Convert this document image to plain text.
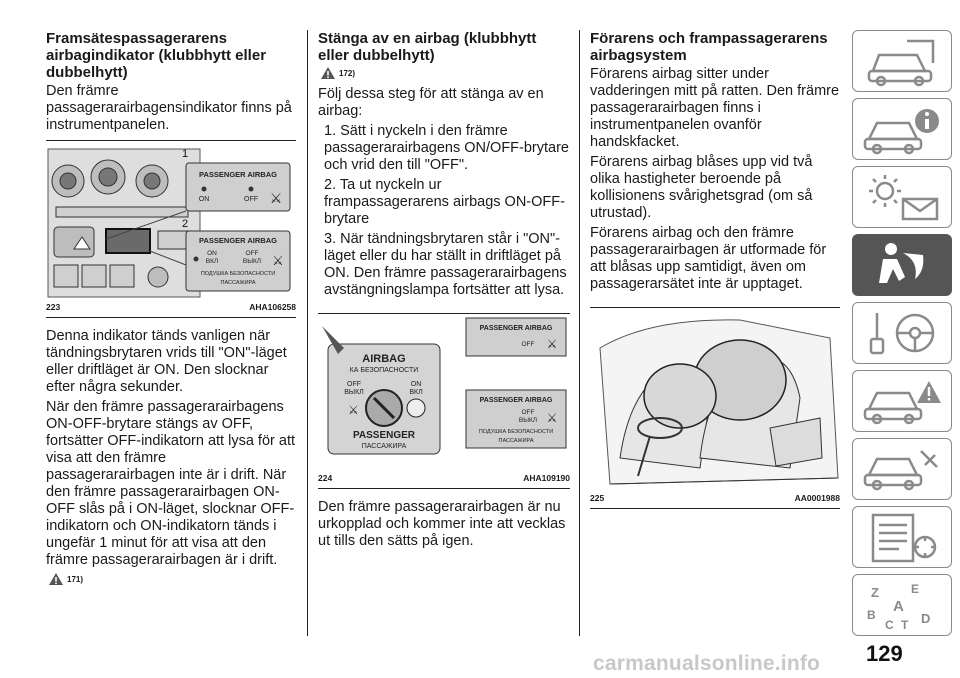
Framsätespassagerarens airbagindikator (klubbhytt eller dubbelhytt)

Den främre passagerarairbagensindikator finns på instrumentpanelen.

1
2
PASSENGER AIRBAG
ON	OFF ⚔
PASSENGER AIRBAG
ON
ВКЛ
OFF
ВЫКЛ ⚔
ПОДУШКА БЕЗОПАСНОСТИ
ПАССАЖИРА
223	AHA106258

Denna indikator tänds vanligen när tändningsbrytaren vrids till "ON"-läget eller driftläget är ON. Den slocknar efter några sekunder.

När den främre passagerarairbagens ON-OFF-brytare stängs av OFF, fortsätter OFF-indikatorn att lysa för att visa att den främre passagerarairbagen inte är i drift. När den främre passagerarairbagen ON-OFF slås på i ON-läget, slocknar OFF-indikatorn och ON-indikatorn tänds i ungefär 1 minut för att visa att den främre passagerarairbagen är i drift.

171)
Stänga av en airbag (klubbhytt eller dubbelhytt)
172)

Följ dessa steg för att stänga av en airbag:

1. Sätt i nyckeln i den främre passagerarairbagens ON/OFF-brytare och vrid den till "OFF".

2. Ta ut nyckeln ur frampassagerarens airbags ON-OFF-brytare

3. När tändningsbrytaren står i "ON"-läget eller du har ställt in driftläget på ON. Den främre passagerarairbagens avstängningslampa fortsätter att lysa.

AIRBAG
КА БЕЗОПАСНОСТИ
OFF
ВЫКЛ
ON
ВКЛ
⚔
PASSENGER
ПАССАЖИРА
PASSENGER AIRBAG
OFF ⚔
PASSENGER AIRBAG
OFF
ВЫКЛ ⚔
ПОДУШКА БЕЗОПАСНОСТИ
ПАССАЖИРА
224	AHA109190

Den främre passagerarairbagen är nu urkopplad och kommer inte att vecklas ut tills den sätts på igen.

Förarens och frampassagerarens airbagsystem

Förarens airbag sitter under vadderingen mitt på ratten. Den främre passagerarairbagen finns i instrumentpanelen ovanför handskfacket.

Förarens airbag blåses upp vid två olika hastigheter beroende på kollisionens svårighetsgrad (om så utrustad).

Förarens airbag och den främre passagerarairbagen är utformade för att blåsas upp samtidigt, även om passagerarsätet inte är upptaget.

225	AA0001988
Z	E
A
B
C T D
129
carmanualsonline.info
